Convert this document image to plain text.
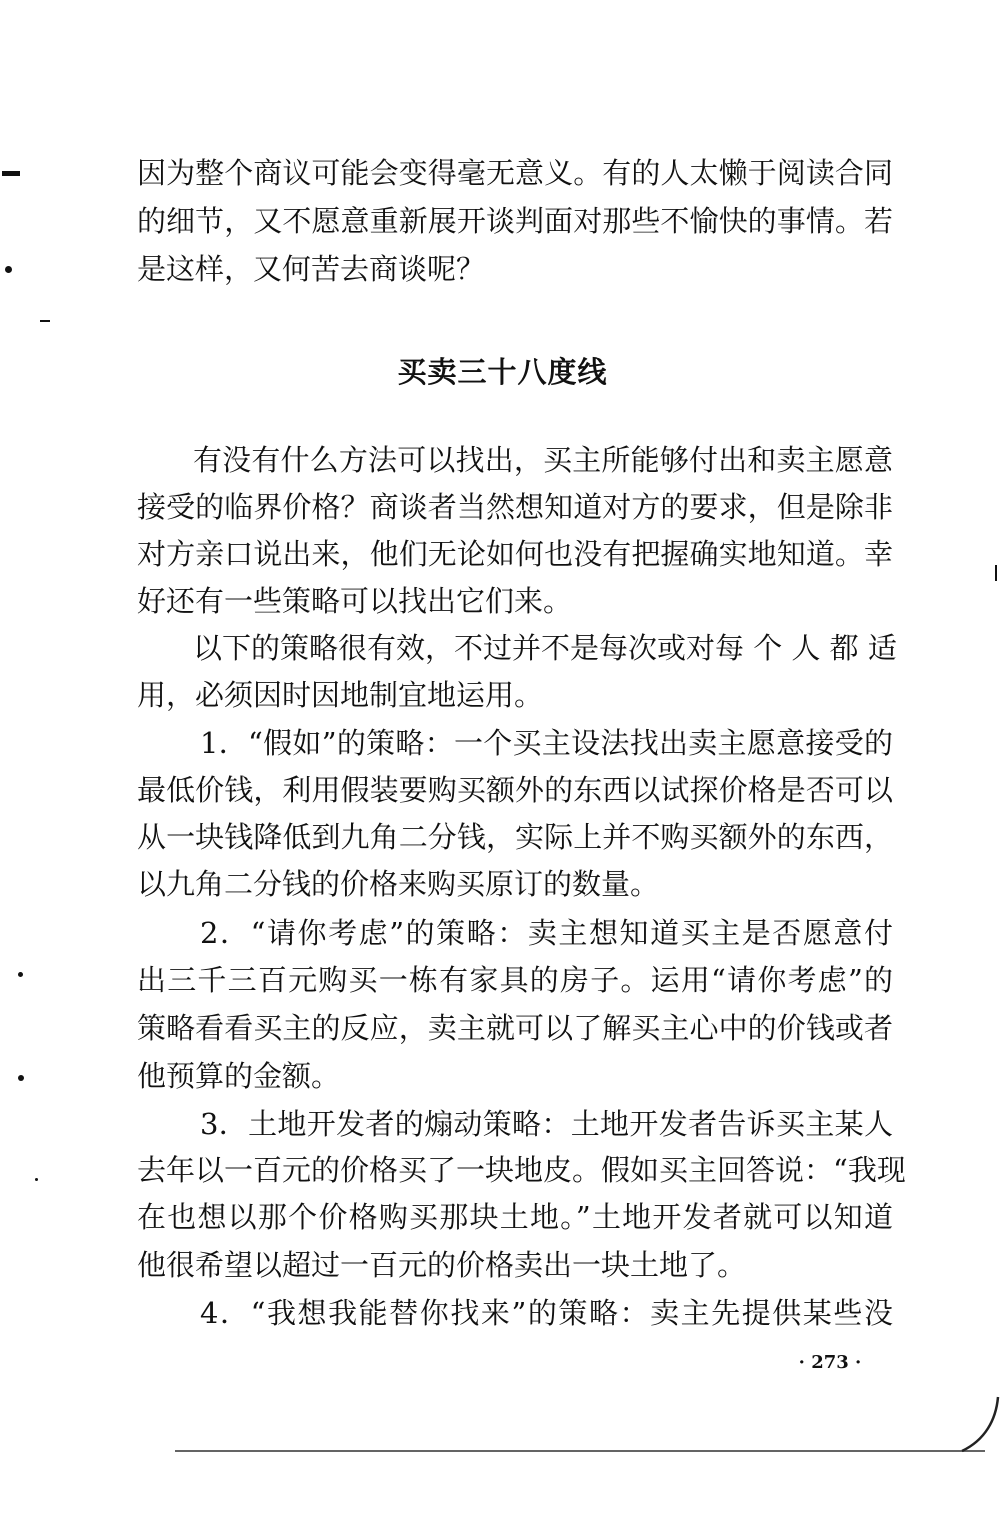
因为整个商议可能会变得毫无意义。有的人太懒于阅读合同
的细节，又不愿意重新展开谈判面对那些不愉快的事情。若
是这样，又何苦去商谈呢？
买卖三十八度线
有没有什么方法可以找出，买主所能够付出和卖主愿意
接受的临界价格？商谈者当然想知道对方的要求，但是除非
对方亲口说出来，他们无论如何也没有把握确实地知道。幸
好还有一些策略可以找出它们来。
以下的策略很有效，不过并不是每次或对每 个 人 都 适
用，必须因时因地制宜地运用。
1．“假如”的策略：一个买主设法找出卖主愿意接受的
最低价钱，利用假装要购买额外的东西以试探价格是否可以
从一块钱降低到九角二分钱，实际上并不购买额外的东西，
以九角二分钱的价格来购买原订的数量。
2．“请你考虑”的策略：卖主想知道买主是否愿意付
出三千三百元购买一栋有家具的房子。运用“请你考虑”的
策略看看买主的反应，卖主就可以了解买主心中的价钱或者
他预算的金额。
3．土地开发者的煽动策略：土地开发者告诉买主某人
去年以一百元的价格买了一块地皮。假如买主回答说：“我现
在也想以那个价格购买那块土地。”土地开发者就可以知道
他很希望以超过一百元的价格卖出一块土地了。
4．“我想我能替你找来”的策略：卖主先提供某些没
· 273 ·
